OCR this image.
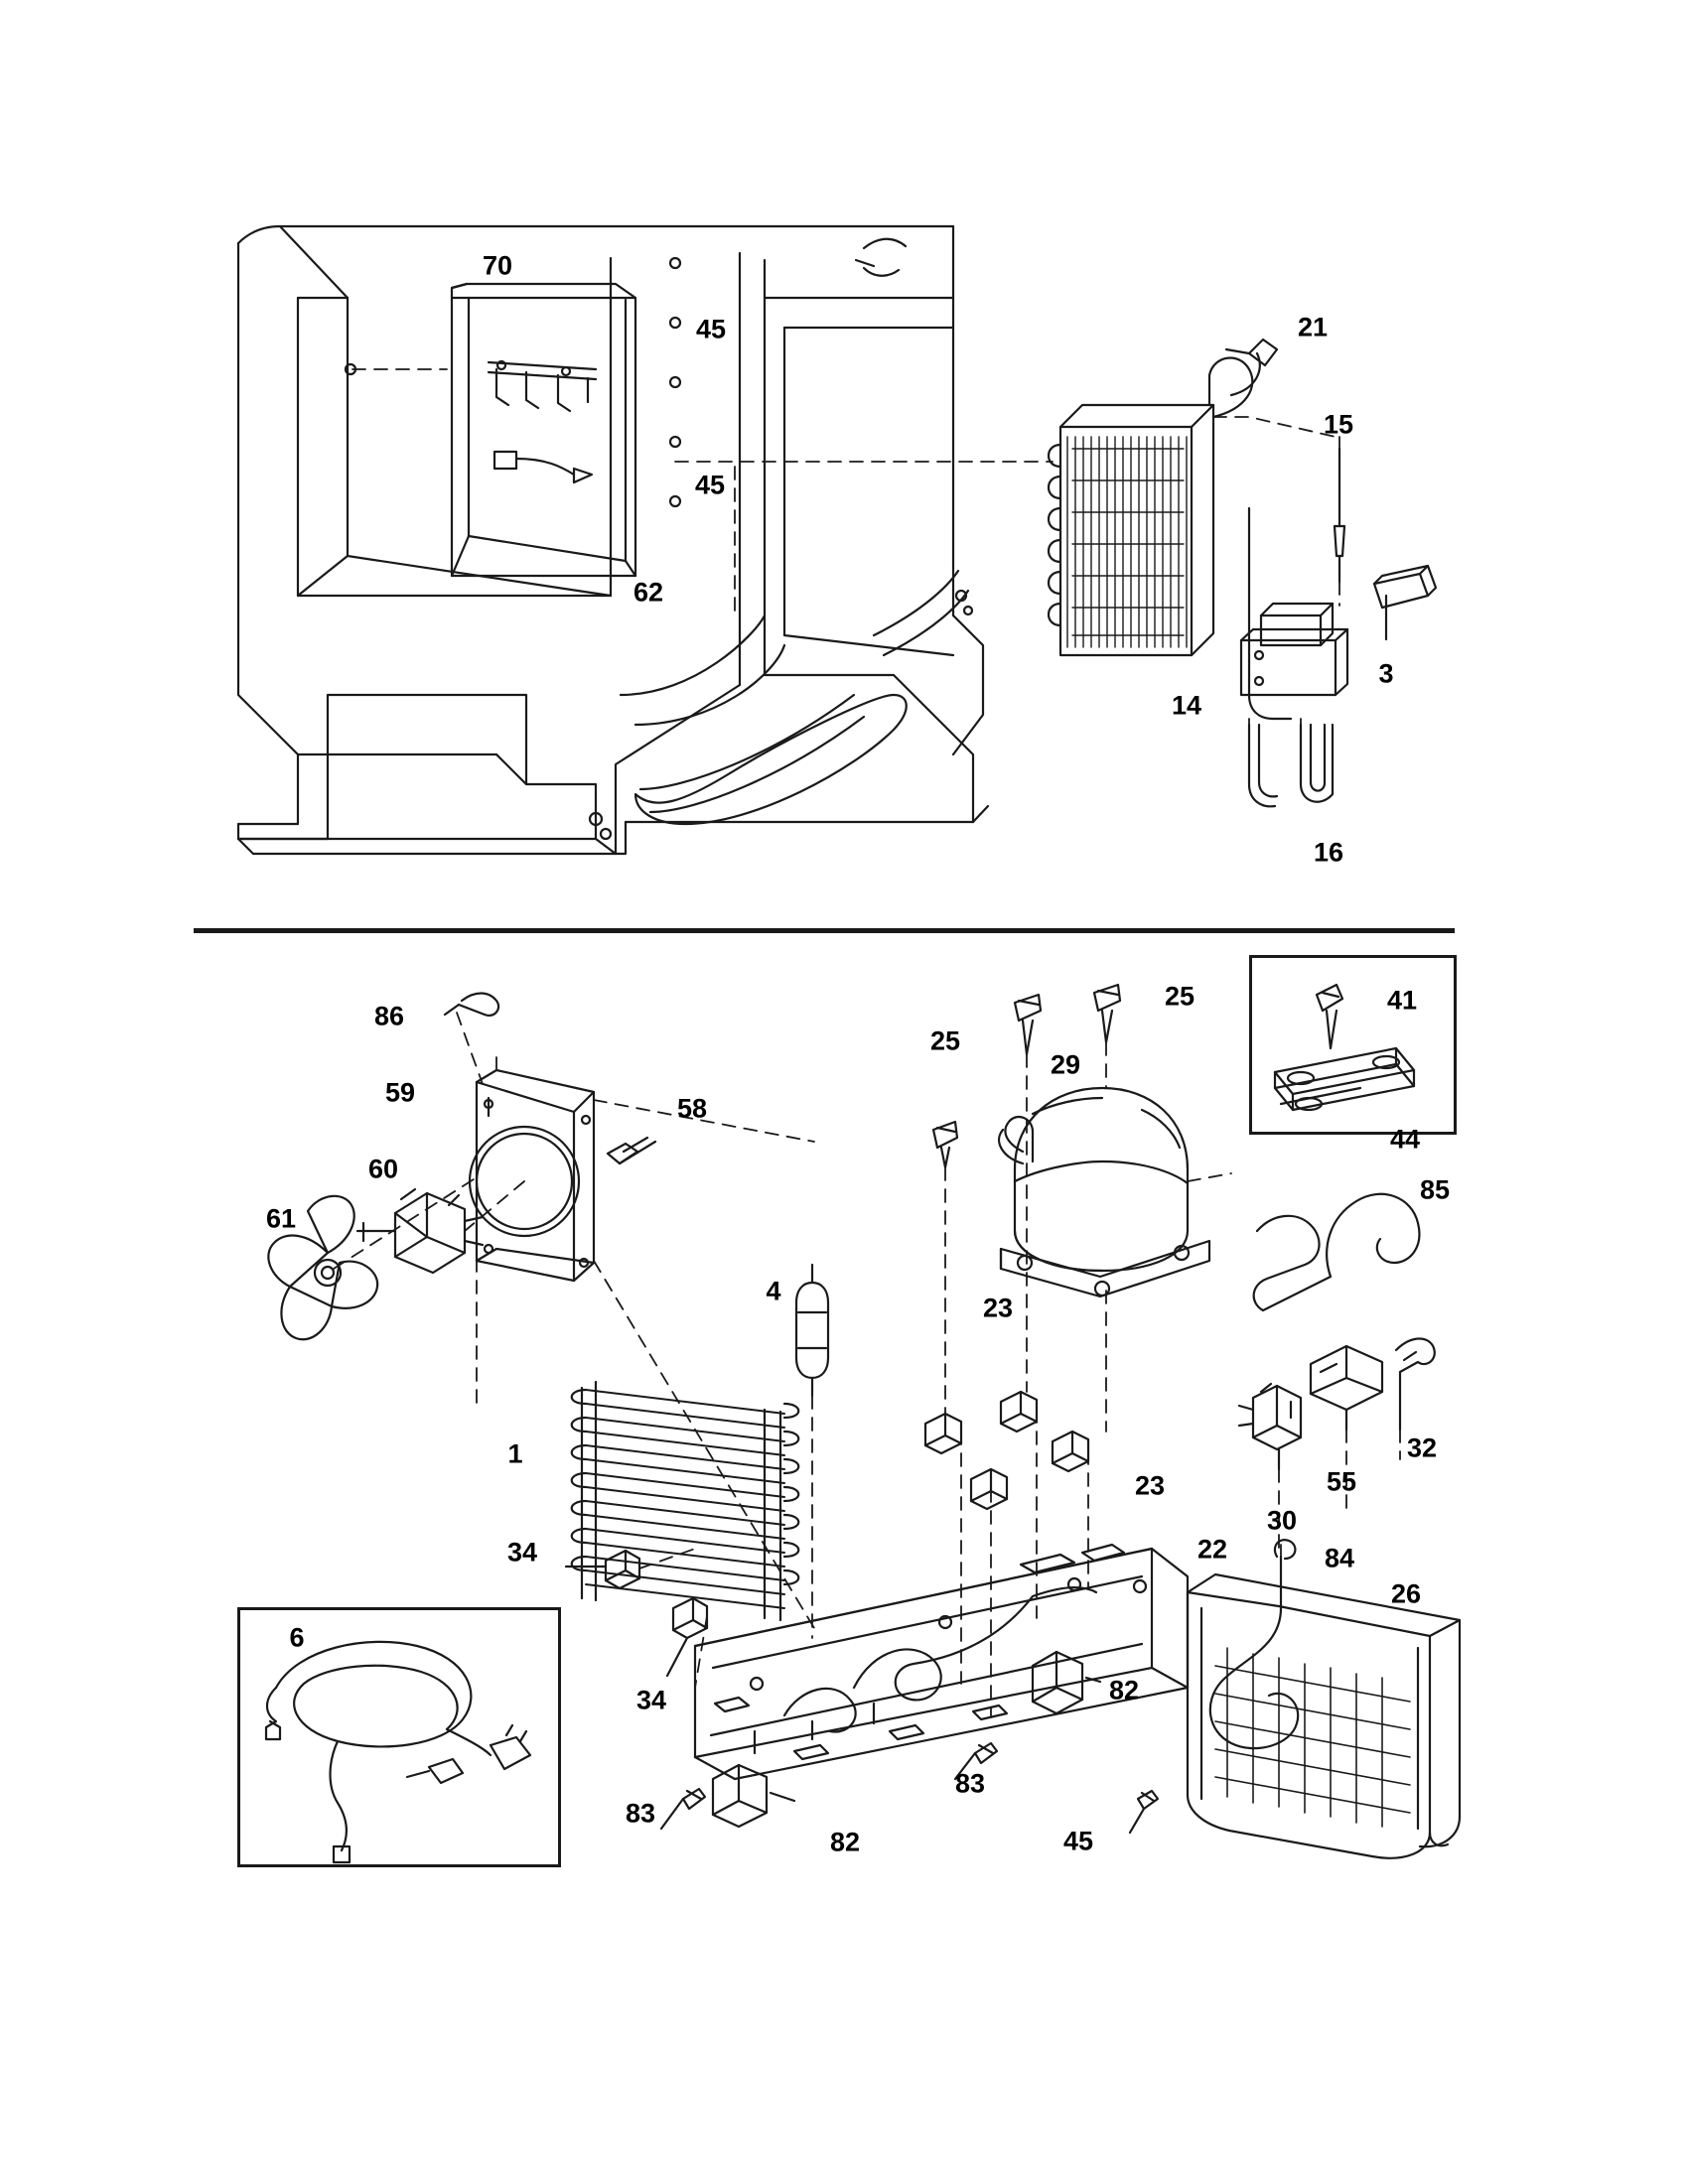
70
45
45
62
21
15
3
14
16
86
59
58
60
61
25
25
29
41
44
85
4
23
23
32
55
30
1
34
34
22	84
26
6
82
83
83
82	45
